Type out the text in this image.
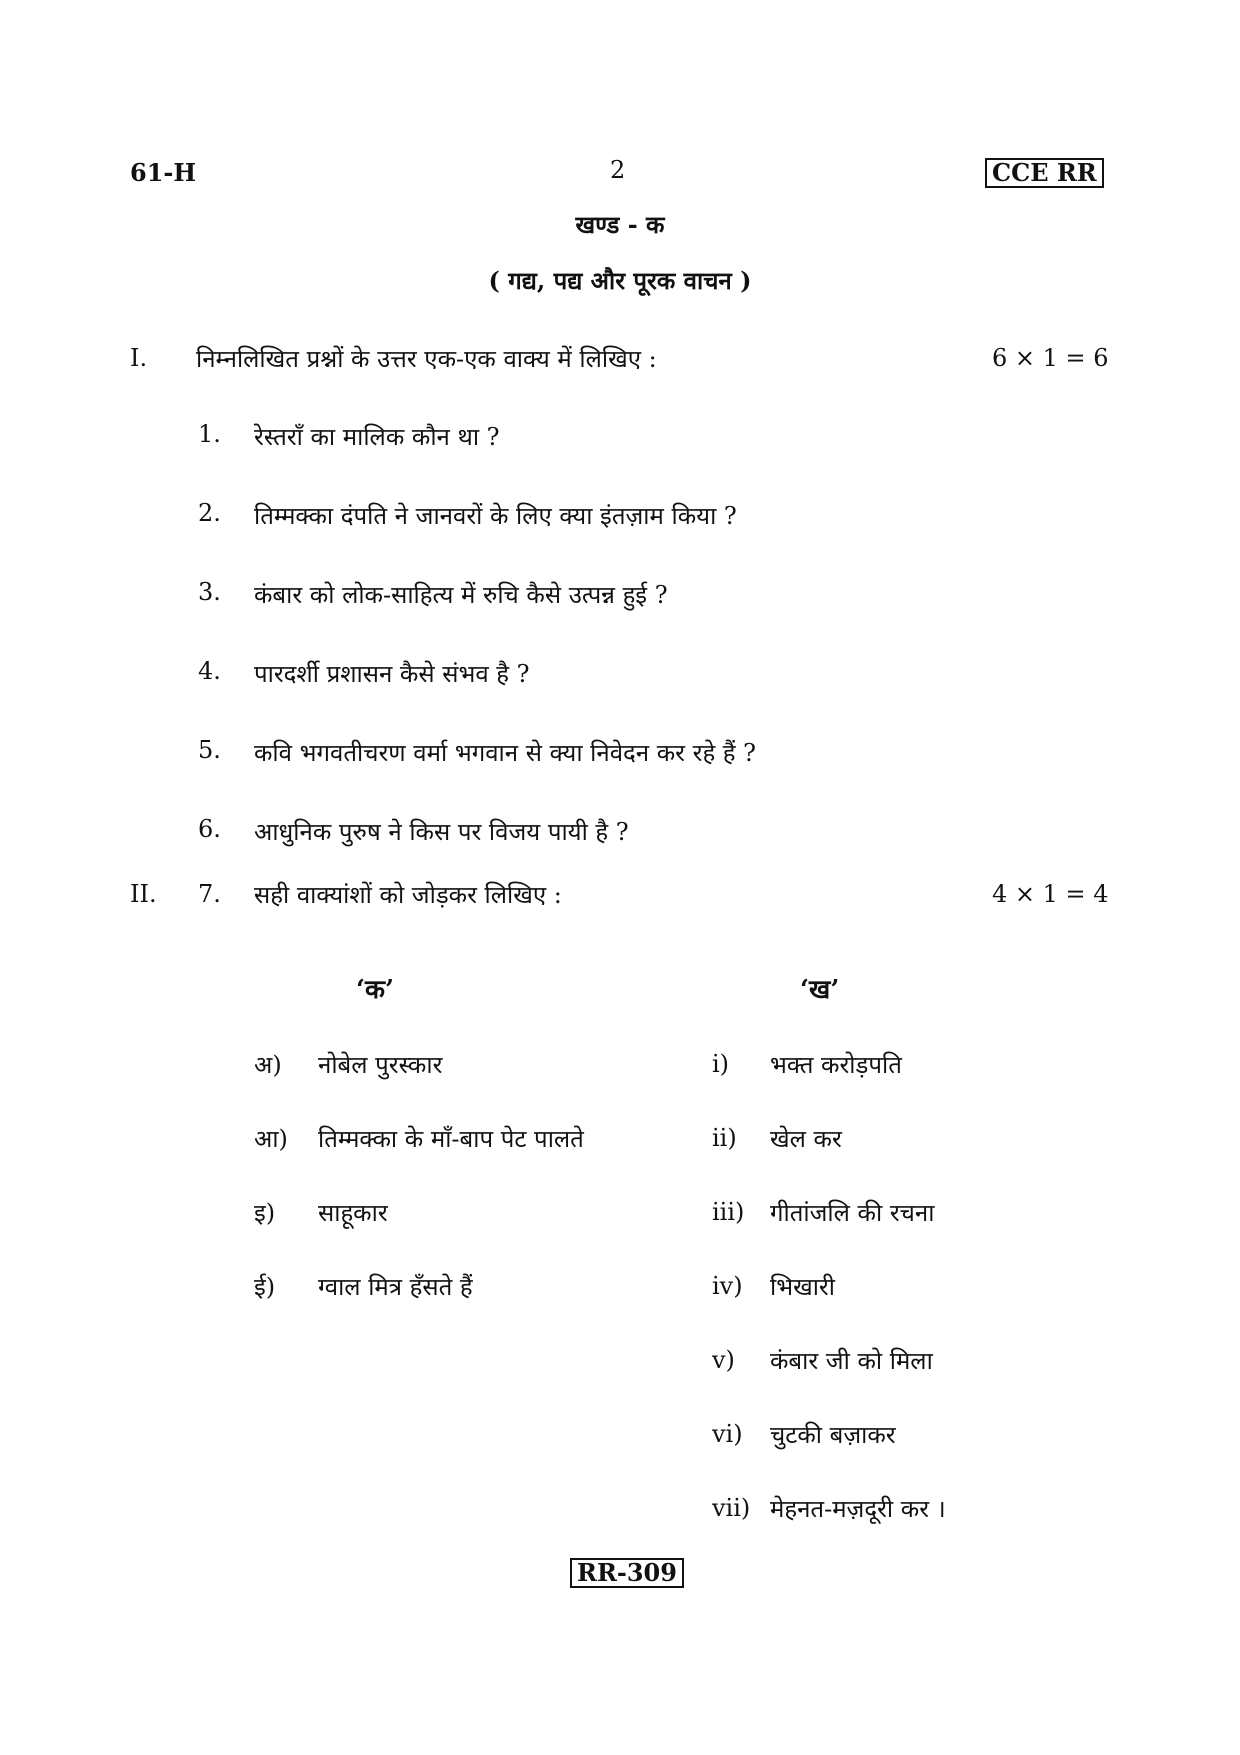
61-H	2	CCE RR
खण्ड - क
( गद्य, पद्य और पूरक वाचन )
I. निम्नलिखित प्रश्नों के उत्तर एक-एक वाक्य में लिखिए :	6 × 1 = 6
1. रेस्तराँ का मालिक कौन था ?
2. तिम्मक्का दंपति ने जानवरों के लिए क्या इंतज़ाम किया ?
3. कंबार को लोक-साहित्य में रुचि कैसे उत्पन्न हुई ?
4. पारदर्शी प्रशासन कैसे संभव है ?
5. कवि भगवतीचरण वर्मा भगवान से क्या निवेदन कर रहे हैं ?
6. आधुनिक पुरुष ने किस पर विजय पायी है ?
II. 7. सही वाक्यांशों को जोड़कर लिखिए :	4 × 1 = 4
‘क’	‘ख’
अ) नोबेल पुरस्कार
आ) तिम्मक्का के माँ-बाप पेट पालते
इ) साहूकार
ई) ग्वाल मित्र हँसते हैं
i) भक्त करोड़पति
ii) खेल कर
iii) गीतांजलि की रचना
iv) भिखारी
v) कंबार जी को मिला
vi) चुटकी बज़ाकर
vii) मेहनत-मज़दूरी कर ।
RR-309
